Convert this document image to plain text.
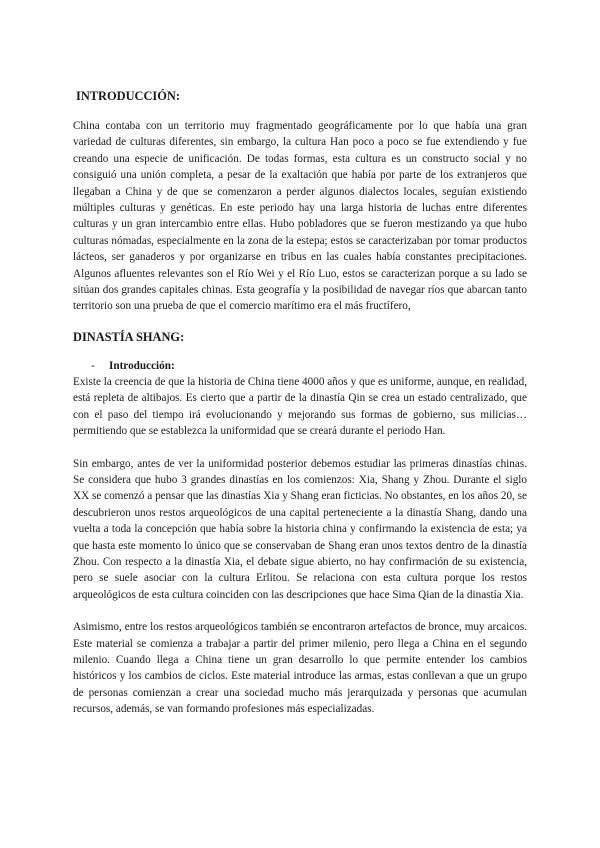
INTRODUCCIÓN:

China contaba con un territorio muy fragmentado geográficamente por lo que había una gran variedad de culturas diferentes, sin embargo, la cultura Han poco a poco se fue extendiendo y fue creando una especie de unificación. De todas formas, esta cultura es un constructo social y no consiguió una unión completa, a pesar de la exaltación que había por parte de los extranjeros que llegaban a China y de que se comenzaron a perder algunos dialectos locales, seguían existiendo múltiples culturas y genéticas. En este periodo hay una larga historia de luchas entre diferentes culturas y un gran intercambio entre ellas. Hubo pobladores que se fueron mestizando ya que hubo culturas nómadas, especialmente en la zona de la estepa; estos se caracterizaban por tomar productos lácteos, ser ganaderos y por organizarse en tribus en las cuales había constantes precipitaciones. Algunos afluentes relevantes son el Río Wei y el Río Luo, estos se caracterizan porque a su lado se sitúan dos grandes capitales chinas. Esta geografía y la posibilidad de navegar ríos que abarcan tanto territorio son una prueba de que el comercio marítimo era el más fructífero,

DINASTÍA SHANG:

-	Introducción:

Existe la creencia de que la historia de China tiene 4000 años y que es uniforme, aunque, en realidad, está repleta de altibajos. Es cierto que a partir de la dinastía Qin se crea un estado centralizado, que con el paso del tiempo irá evolucionando y mejorando sus formas de gobierno, sus milicias… permitiendo que se establezca la uniformidad que se creará durante el periodo Han.

Sin embargo, antes de ver la uniformidad posterior debemos estudiar las primeras dinastías chinas. Se considera que hubo 3 grandes dinastías en los comienzos: Xia, Shang y Zhou. Durante el siglo XX se comenzó a pensar que las dinastías Xia y Shang eran ficticias. No obstantes, en los años 20, se descubrieron unos restos arqueológicos de una capital perteneciente a la dinastía Shang, dando una vuelta a toda la concepción que había sobre la historia china y confirmando la existencia de esta; ya que hasta este momento lo único que se conservaban de Shang eran unos textos dentro de la dinastía Zhou. Con respecto a la dinastía Xia, el debate sigue abierto, no hay confirmación de su existencia, pero se suele asociar con la cultura Erlitou. Se relaciona con esta cultura porque los restos arqueológicos de esta cultura coinciden con las descripciones que hace Sima Qian de la dinastía Xia.

Asimismo, entre los restos arqueológicos también se encontraron artefactos de bronce, muy arcaicos. Este material se comienza a trabajar a partir del primer milenio, pero llega a China en el segundo milenio. Cuando llega a China tiene un gran desarrollo lo que permite entender los cambios históricos y los cambios de ciclos. Este material introduce las armas, estas conllevan a que un grupo de personas comienzan a crear una sociedad mucho más jerarquizada y personas que acumulan recursos, además, se van formando profesiones más especializadas.
